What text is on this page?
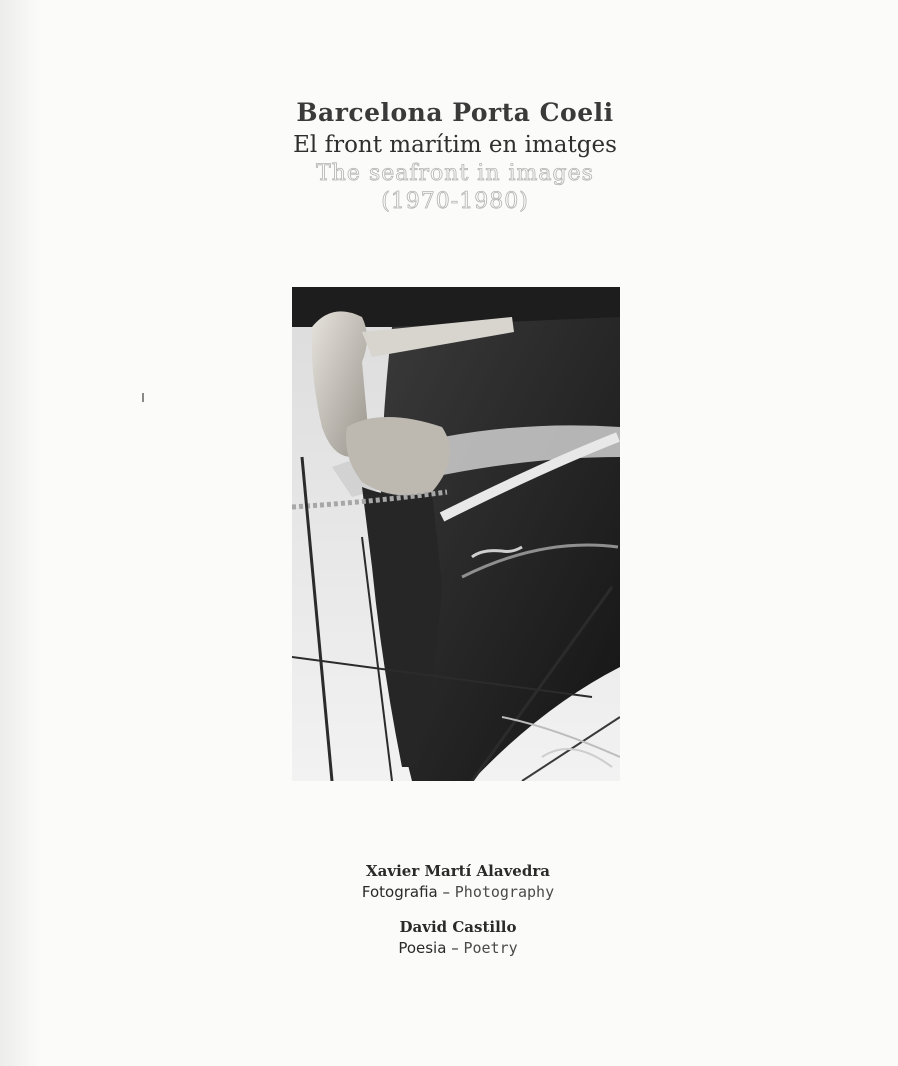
Barcelona Porta Coeli
El front marítim en imatges
The seafront in images
(1970-1980)
Xavier Martí Alavedra
Fotografia – Photography
David Castillo
Poesia – Poetry
